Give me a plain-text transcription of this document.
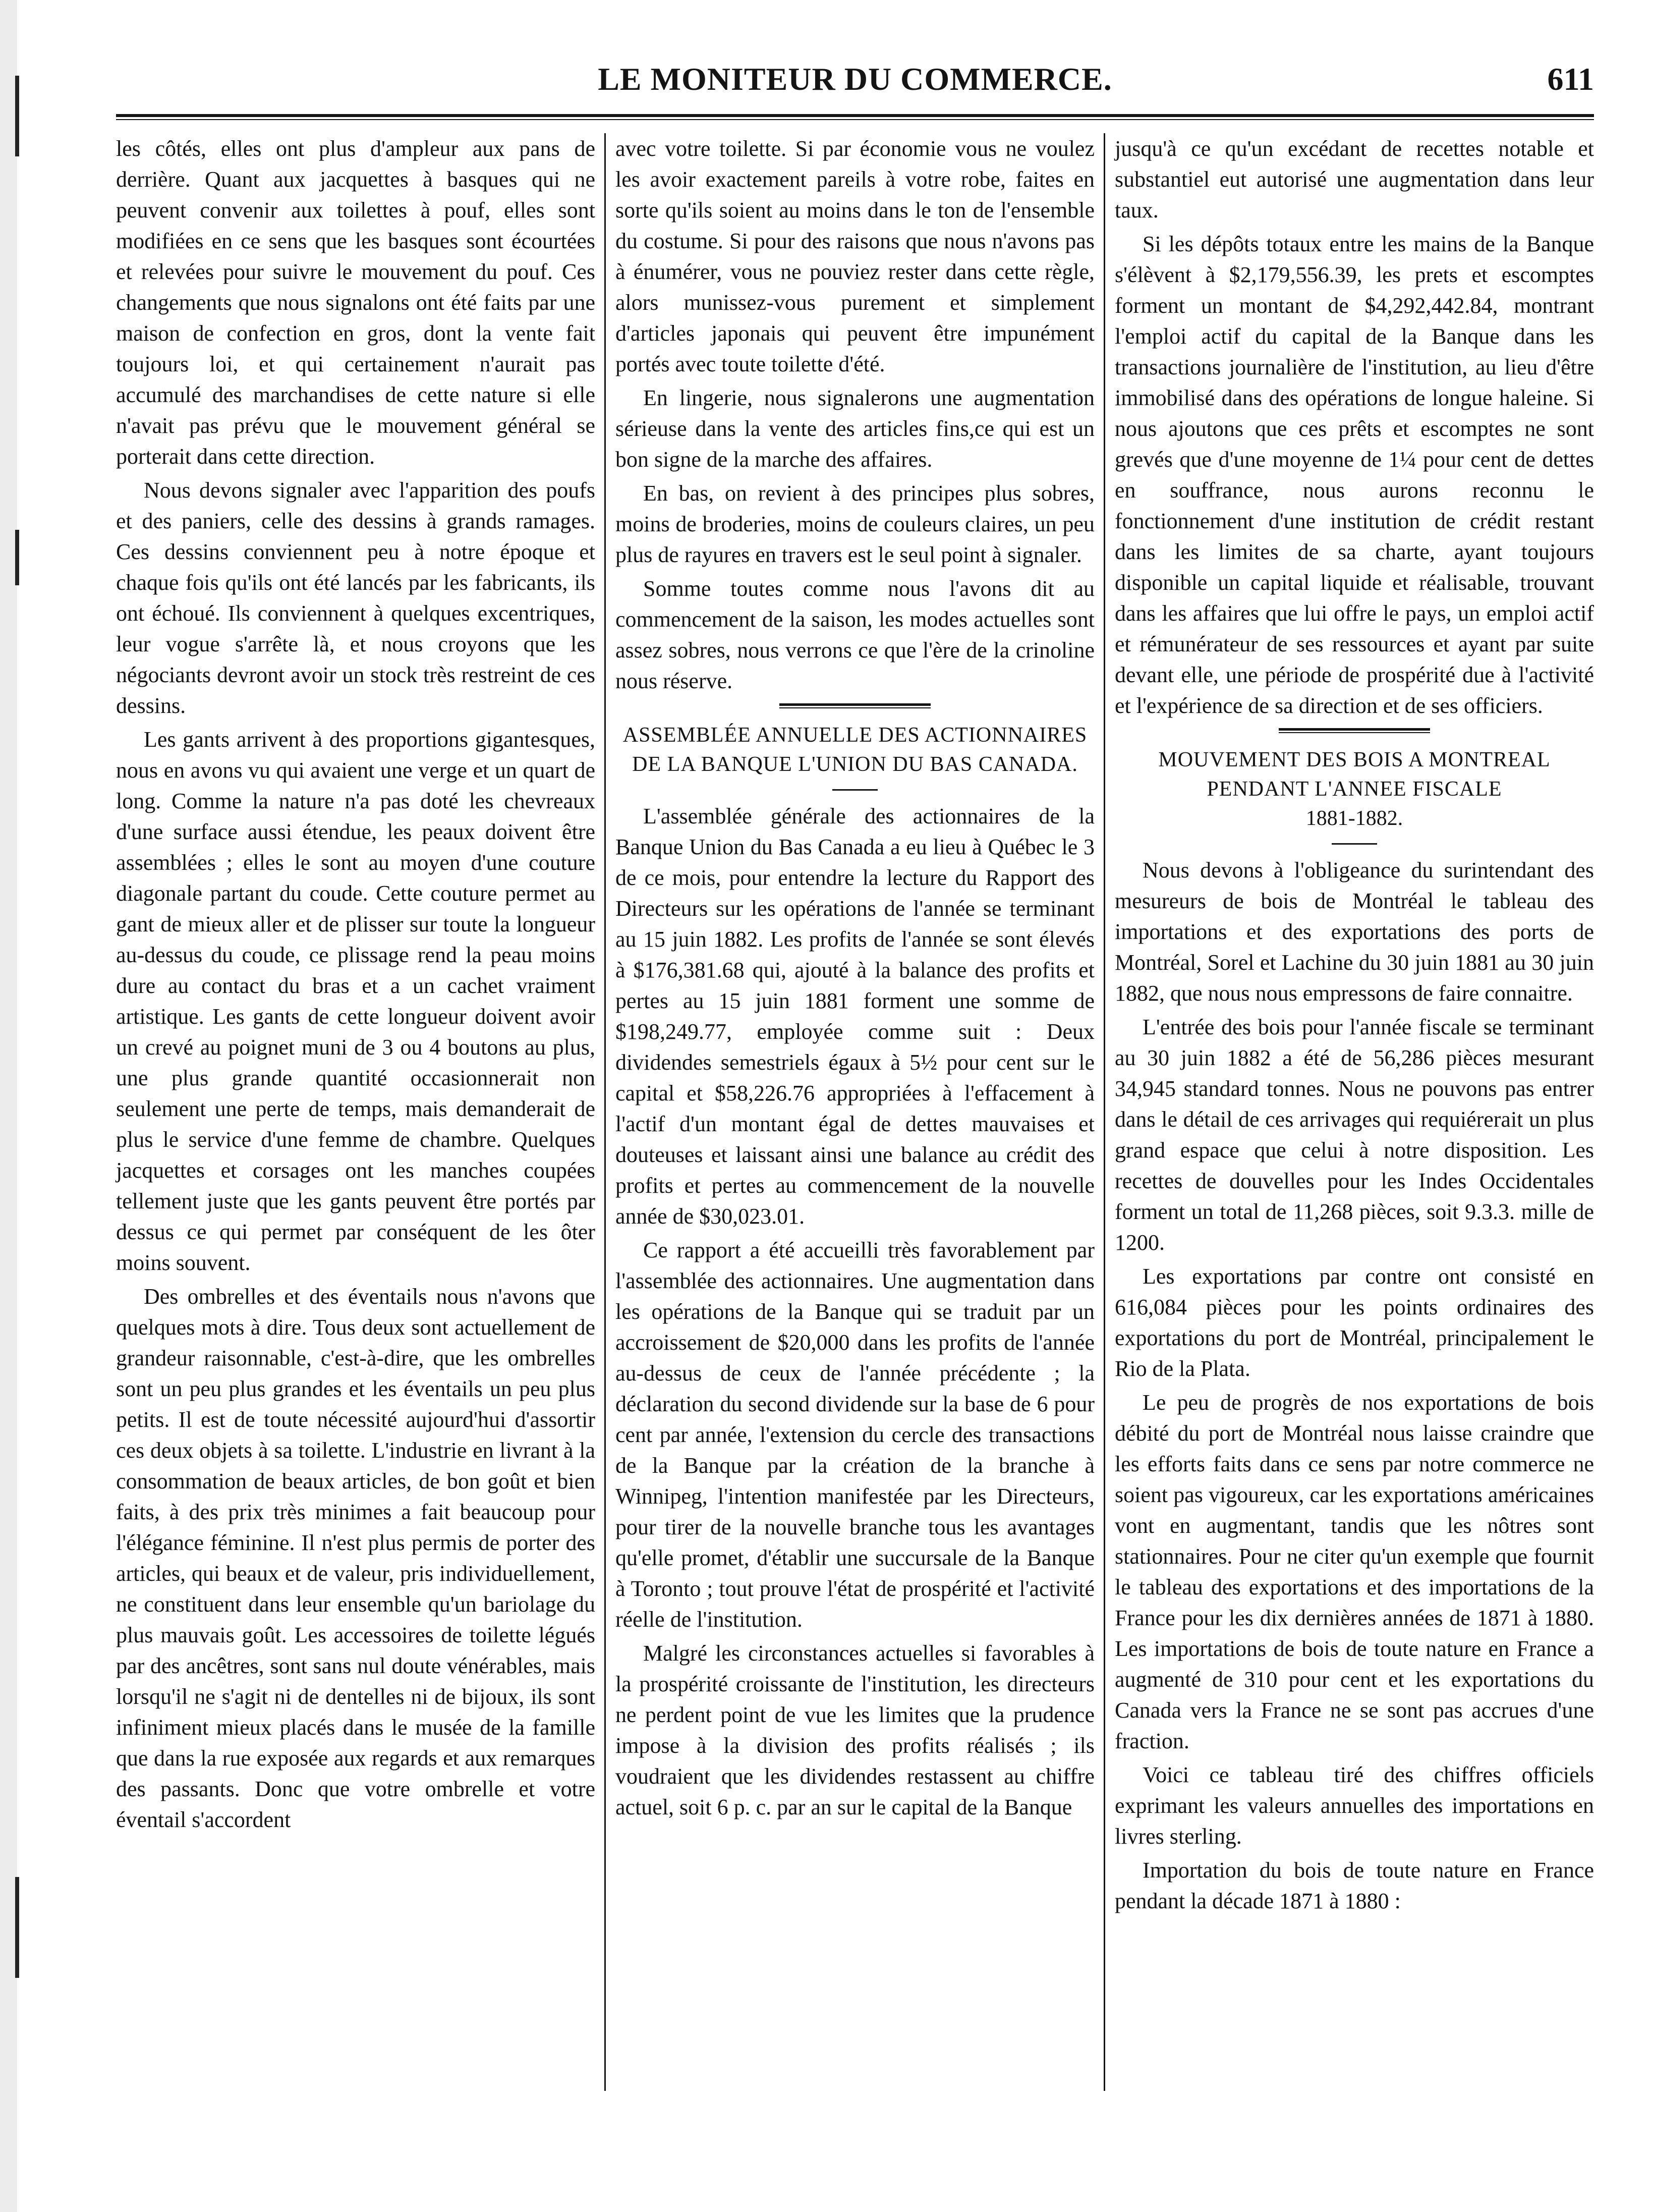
LE MONITEUR DU COMMERCE.	611

les côtés, elles ont plus d'ampleur aux pans de derrière. Quant aux jacquettes à basques qui ne peuvent convenir aux toilettes à pouf, elles sont modifiées en ce sens que les basques sont écourtées et relevées pour suivre le mouvement du pouf. Ces changements que nous signalons ont été faits par une maison de confection en gros, dont la vente fait toujours loi, et qui certainement n'aurait pas accumulé des marchandises de cette nature si elle n'avait pas prévu que le mouvement général se porterait dans cette direction.

Nous devons signaler avec l'apparition des poufs et des paniers, celle des dessins à grands ramages. Ces dessins conviennent peu à notre époque et chaque fois qu'ils ont été lancés par les fabricants, ils ont échoué. Ils conviennent à quelques excentriques, leur vogue s'arrête là, et nous croyons que les négociants devront avoir un stock très restreint de ces dessins.

Les gants arrivent à des proportions gigantesques, nous en avons vu qui avaient une verge et un quart de long. Comme la nature n'a pas doté les chevreaux d'une surface aussi étendue, les peaux doivent être assemblées ; elles le sont au moyen d'une couture diagonale partant du coude. Cette couture permet au gant de mieux aller et de plisser sur toute la longueur au-dessus du coude, ce plissage rend la peau moins dure au contact du bras et a un cachet vraiment artistique. Les gants de cette longueur doivent avoir un crevé au poignet muni de 3 ou 4 boutons au plus, une plus grande quantité occasionnerait non seulement une perte de temps, mais demanderait de plus le service d'une femme de chambre. Quelques jacquettes et corsages ont les manches coupées tellement juste que les gants peuvent être portés par dessus ce qui permet par conséquent de les ôter moins souvent.

Des ombrelles et des éventails nous n'avons que quelques mots à dire. Tous deux sont actuellement de grandeur raisonnable, c'est-à-dire, que les ombrelles sont un peu plus grandes et les éventails un peu plus petits. Il est de toute nécessité aujourd'hui d'assortir ces deux objets à sa toilette. L'industrie en livrant à la consommation de beaux articles, de bon goût et bien faits, à des prix très minimes a fait beaucoup pour l'élégance féminine. Il n'est plus permis de porter des articles, qui beaux et de valeur, pris individuellement, ne constituent dans leur ensemble qu'un bariolage du plus mauvais goût. Les accessoires de toilette légués par des ancêtres, sont sans nul doute vénérables, mais lorsqu'il ne s'agit ni de dentelles ni de bijoux, ils sont infiniment mieux placés dans le musée de la famille que dans la rue exposée aux regards et aux remarques des passants. Donc que votre ombrelle et votre éventail s'accordent

avec votre toilette. Si par économie vous ne voulez les avoir exactement pareils à votre robe, faites en sorte qu'ils soient au moins dans le ton de l'ensemble du costume. Si pour des raisons que nous n'avons pas à énumérer, vous ne pouviez rester dans cette règle, alors munissez-vous purement et simplement d'articles japonais qui peuvent être impunément portés avec toute toilette d'été.

En lingerie, nous signalerons une augmentation sérieuse dans la vente des articles fins,ce qui est un bon signe de la marche des affaires.

En bas, on revient à des principes plus sobres, moins de broderies, moins de couleurs claires, un peu plus de rayures en travers est le seul point à signaler.

Somme toutes comme nous l'avons dit au commencement de la saison, les modes actuelles sont assez sobres, nous verrons ce que l'ère de la crinoline nous réserve.

ASSEMBLÉE ANNUELLE DES ACTIONNAIRES DE LA BANQUE L'UNION DU BAS CANADA.

L'assemblée générale des actionnaires de la Banque Union du Bas Canada a eu lieu à Québec le 3 de ce mois, pour entendre la lecture du Rapport des Directeurs sur les opérations de l'année se terminant au 15 juin 1882. Les profits de l'année se sont élevés à $176,381.68 qui, ajouté à la balance des profits et pertes au 15 juin 1881 forment une somme de $198,249.77, employée comme suit : Deux dividendes semestriels égaux à 5½ pour cent sur le capital et $58,226.76 appropriées à l'effacement à l'actif d'un montant égal de dettes mauvaises et douteuses et laissant ainsi une balance au crédit des profits et pertes au commencement de la nouvelle année de $30,023.01.

Ce rapport a été accueilli très favorablement par l'assemblée des actionnaires. Une augmentation dans les opérations de la Banque qui se traduit par un accroissement de $20,000 dans les profits de l'année au-dessus de ceux de l'année précédente ; la déclaration du second dividende sur la base de 6 pour cent par année, l'extension du cercle des transactions de la Banque par la création de la branche à Winnipeg, l'intention manifestée par les Directeurs, pour tirer de la nouvelle branche tous les avantages qu'elle promet, d'établir une succursale de la Banque à Toronto ; tout prouve l'état de prospérité et l'activité réelle de l'institution.

Malgré les circonstances actuelles si favorables à la prospérité croissante de l'institution, les directeurs ne perdent point de vue les limites que la prudence impose à la division des profits réalisés ; ils voudraient que les dividendes restassent au chiffre actuel, soit 6 p. c. par an sur le capital de la Banque

jusqu'à ce qu'un excédant de recettes notable et substantiel eut autorisé une augmentation dans leur taux.

Si les dépôts totaux entre les mains de la Banque s'élèvent à $2,179,556.39, les prets et escomptes forment un montant de $4,292,442.84, montrant l'emploi actif du capital de la Banque dans les transactions journalière de l'institution, au lieu d'être immobilisé dans des opérations de longue haleine. Si nous ajoutons que ces prêts et escomptes ne sont grevés que d'une moyenne de 1¼ pour cent de dettes en souffrance, nous aurons reconnu le fonctionnement d'une institution de crédit restant dans les limites de sa charte, ayant toujours disponible un capital liquide et réalisable, trouvant dans les affaires que lui offre le pays, un emploi actif et rémunérateur de ses ressources et ayant par suite devant elle, une période de prospérité due à l'activité et l'expérience de sa direction et de ses officiers.

MOUVEMENT DES BOIS A MONTREAL PENDANT L'ANNEE FISCALE
1881-1882.

Nous devons à l'obligeance du surintendant des mesureurs de bois de Montréal le tableau des importations et des exportations des ports de Montréal, Sorel et Lachine du 30 juin 1881 au 30 juin 1882, que nous nous empressons de faire connaitre.

L'entrée des bois pour l'année fiscale se terminant au 30 juin 1882 a été de 56,286 pièces mesurant 34,945 standard tonnes. Nous ne pouvons pas entrer dans le détail de ces arrivages qui requiérerait un plus grand espace que celui à notre disposition. Les recettes de douvelles pour les Indes Occidentales forment un total de 11,268 pièces, soit 9.3.3. mille de 1200.

Les exportations par contre ont consisté en 616,084 pièces pour les points ordinaires des exportations du port de Montréal, principalement le Rio de la Plata.

Le peu de progrès de nos exportations de bois débité du port de Montréal nous laisse craindre que les efforts faits dans ce sens par notre commerce ne soient pas vigoureux, car les exportations américaines vont en augmentant, tandis que les nôtres sont stationnaires. Pour ne citer qu'un exemple que fournit le tableau des exportations et des importations de la France pour les dix dernières années de 1871 à 1880. Les importations de bois de toute nature en France a augmenté de 310 pour cent et les exportations du Canada vers la France ne se sont pas accrues d'une fraction.

Voici ce tableau tiré des chiffres officiels exprimant les valeurs annuelles des importations en livres sterling.

Importation du bois de toute nature en France pendant la décade 1871 à 1880 :
